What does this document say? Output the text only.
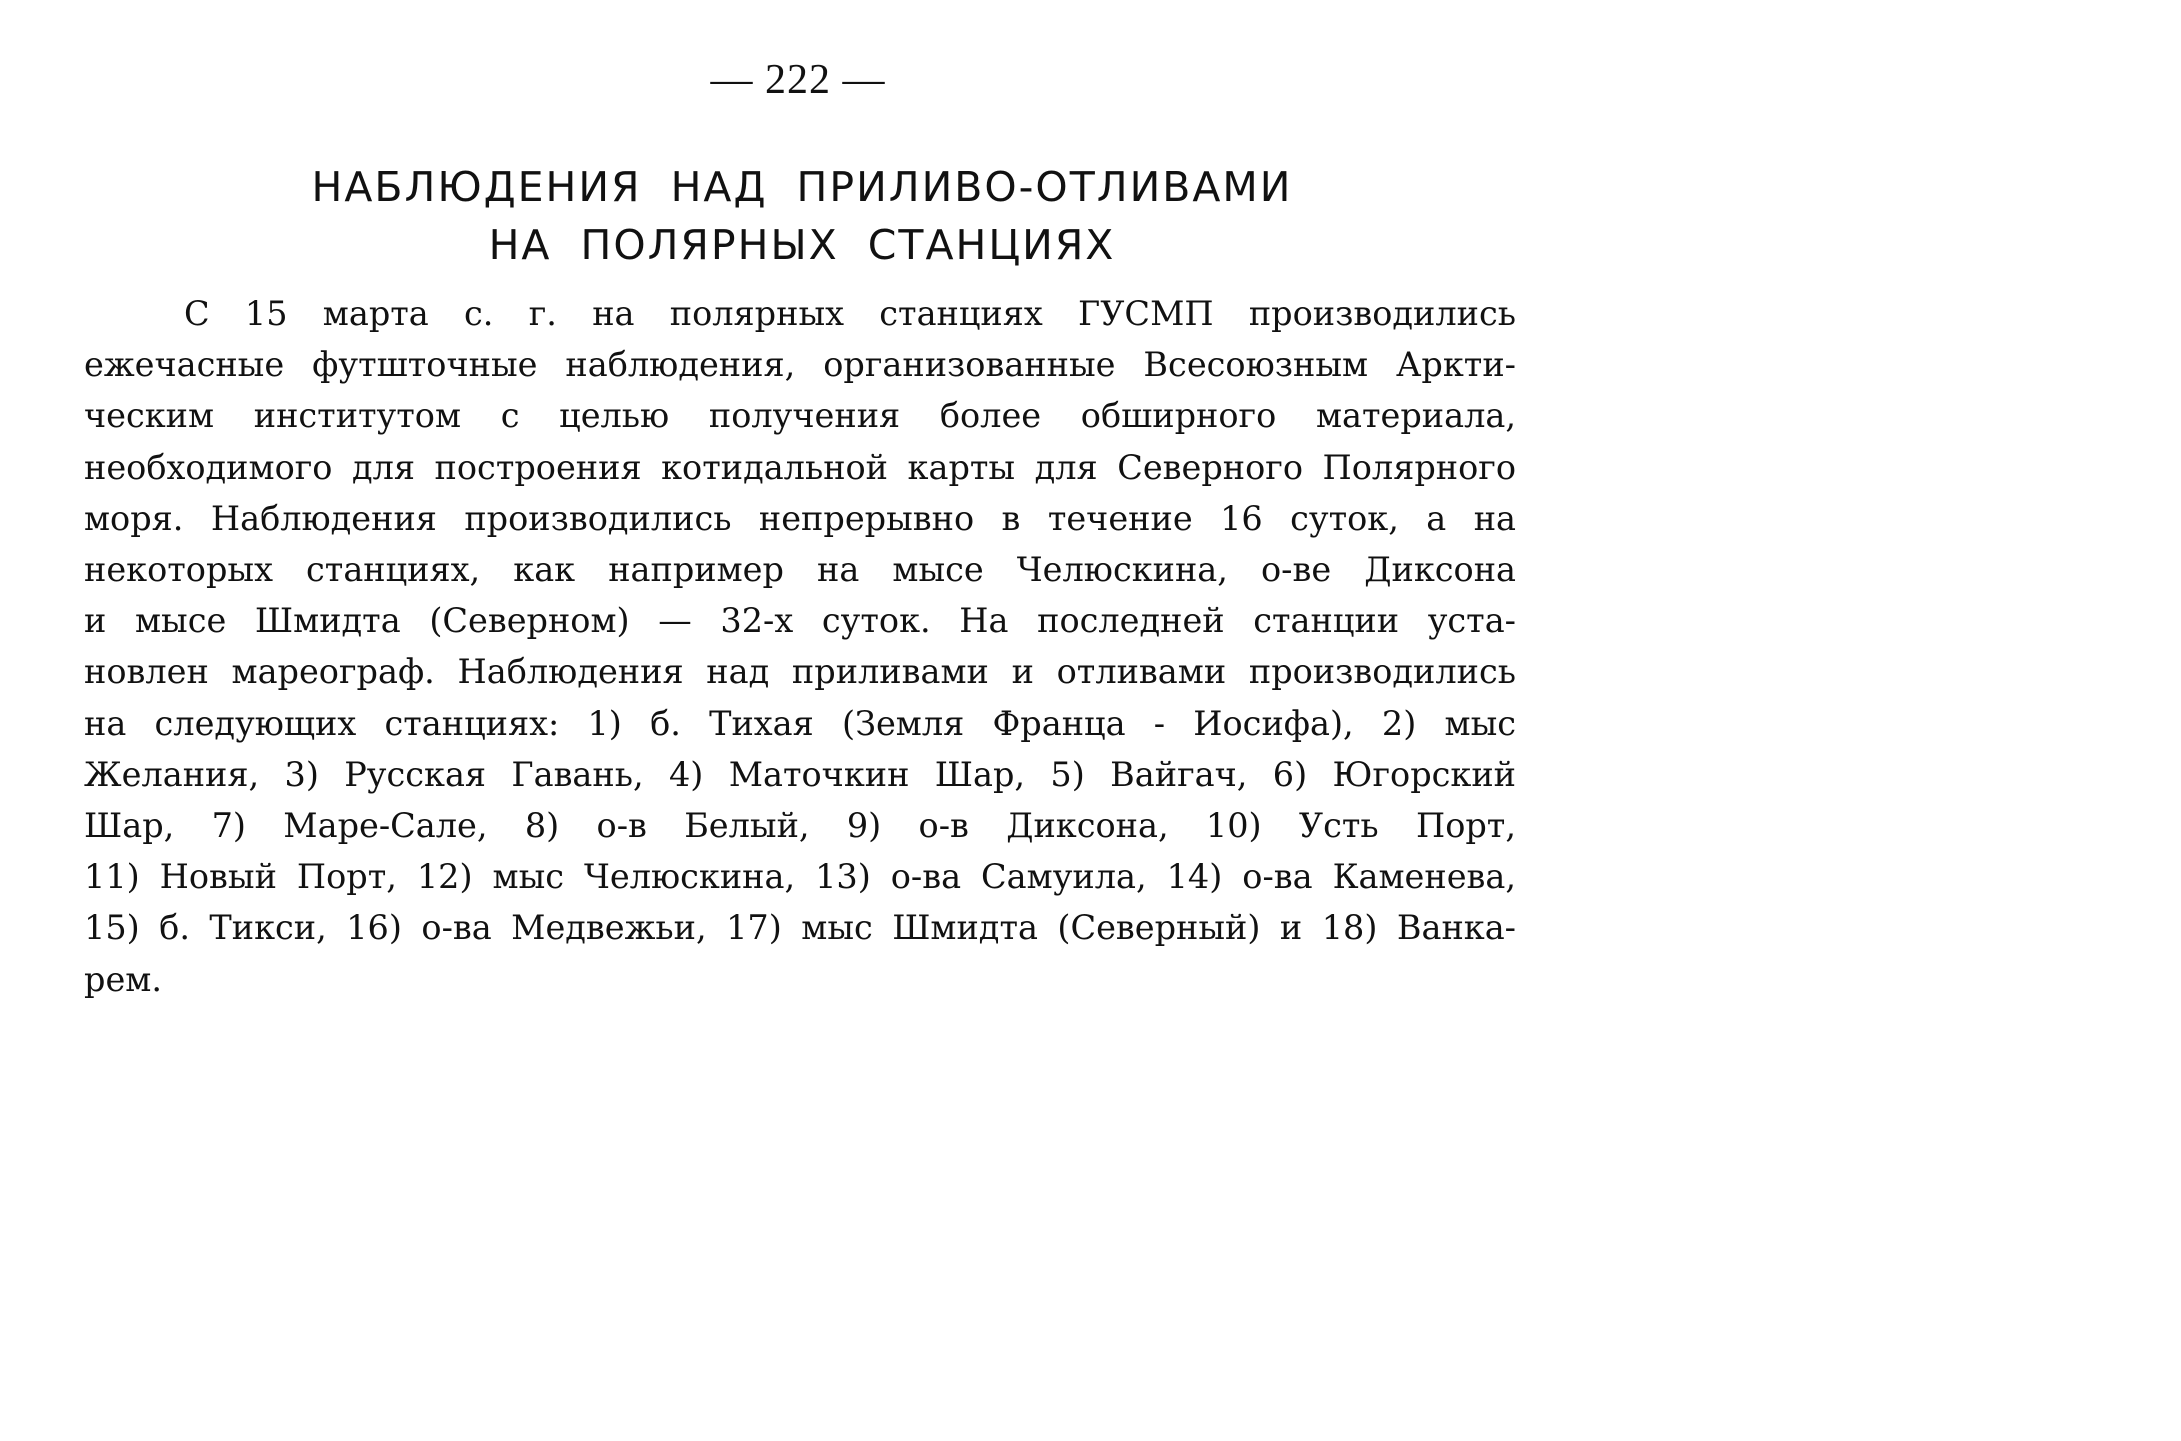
— 222 —
НАБЛЮДЕНИЯ НАД ПРИЛИВО-ОТЛИВАМИ
НА ПОЛЯРНЫХ СТАНЦИЯХ
С 15 марта с. г. на полярных станциях ГУСМП производились
ежечасные футшточные наблюдения, организованные Всесоюзным Аркти-
ческим институтом с целью получения более обширного материала,
необходимого для построения котидальной карты для Северного Полярного
моря. Наблюдения производились непрерывно в течение 16 суток, а на
некоторых станциях, как например на мысе Челюскина, о-ве Диксона
и мысе Шмидта (Северном) — 32-х суток. На последней станции уста-
новлен мареограф. Наблюдения над приливами и отливами производились
на следующих станциях: 1) б. Тихая (Земля Франца - Иосифа), 2) мыс
Желания, 3) Русская Гавань, 4) Маточкин Шар, 5) Вайгач, 6) Югорский
Шар, 7) Маре-Сале, 8) о-в Белый, 9) о-в Диксона, 10) Усть Порт,
11) Новый Порт, 12) мыс Челюскина, 13) о-ва Самуила, 14) о-ва Каменева,
15) б. Тикси, 16) о-ва Медвежьи, 17) мыс Шмидта (Северный) и 18) Ванка-
рем.
